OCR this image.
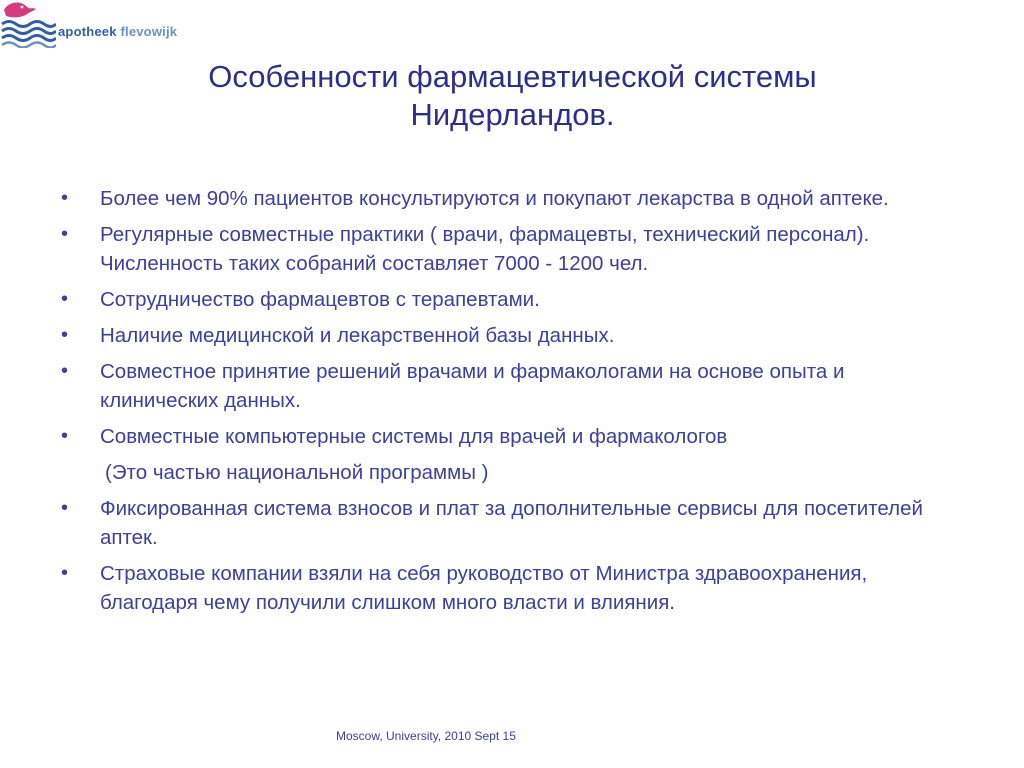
apotheek flevowijk
Особенности фармацевтической системы
Нидерландов.
• Более чем 90% пациентов консультируются и покупают лекарства в одной аптеке.
• Регулярные совместные практики ( врачи, фармацевты, технический персонал). Численность таких собраний составляет 7000 - 1200 чел.
• Сотрудничество фармацевтов с терапевтами.
• Наличие медицинской и лекарственной базы данных.
• Совместное принятие решений врачами и фармакологами на основе опыта и клинических данных.
• Совместные компьютерные системы для врачей и фармакологов
(Это частью национальной программы )
• Фиксированная система взносов и плат за дополнительные сервисы для посетителей аптек.
• Страховые компании взяли на себя руководство от Министра здравоохранения, благодаря чему получили слишком много власти и влияния.
Moscow, University, 2010 Sept 15
